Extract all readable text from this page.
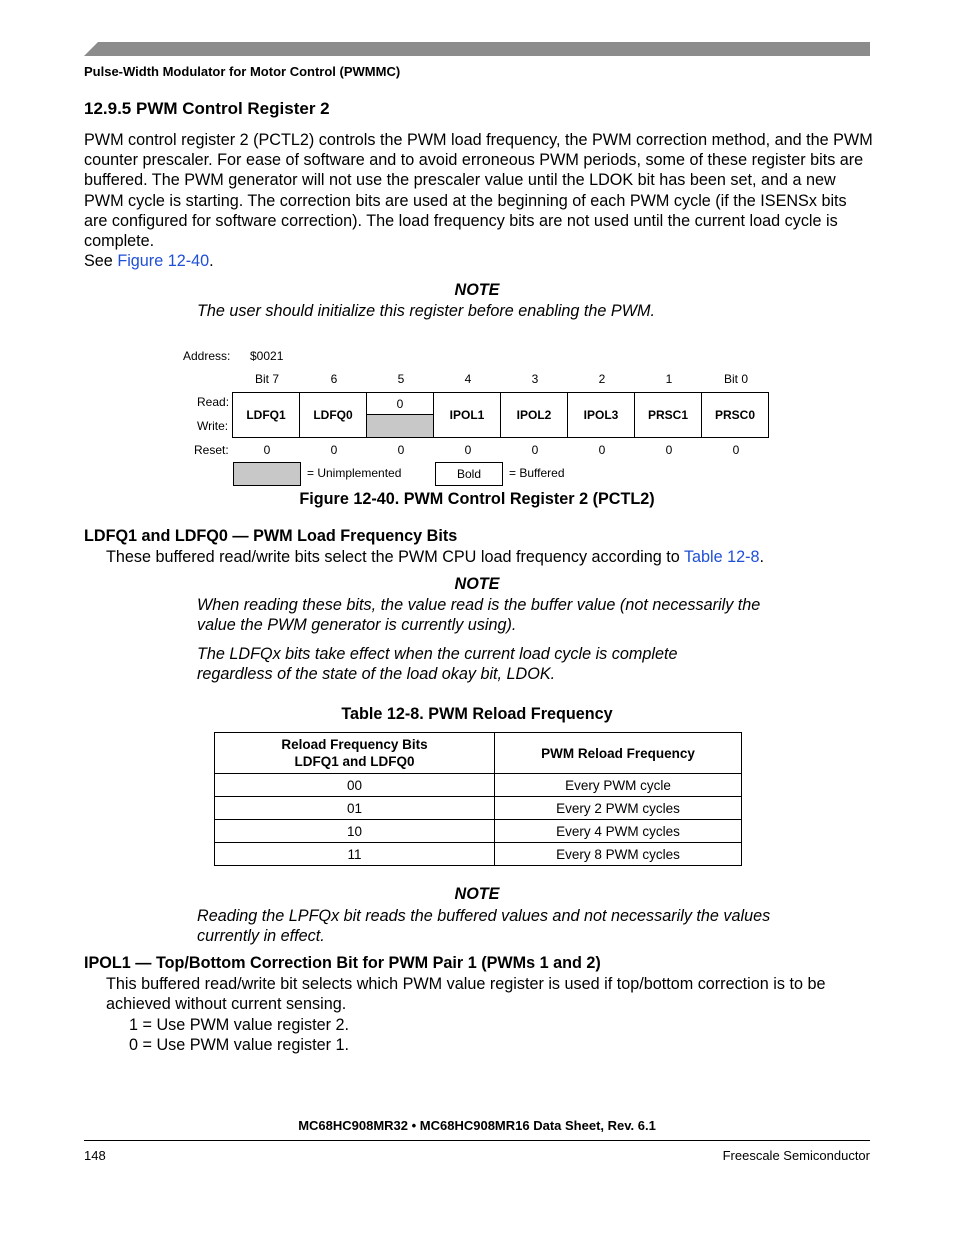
Pulse-Width Modulator for Motor Control (PWMMC)
12.9.5 PWM Control Register 2
PWM control register 2 (PCTL2) controls the PWM load frequency, the PWM correction method, and the PWM counter prescaler. For ease of software and to avoid erroneous PWM periods, some of these register bits are buffered. The PWM generator will not use the prescaler value until the LDOK bit has been set, and a new PWM cycle is starting. The correction bits are used at the beginning of each PWM cycle (if the ISENSx bits are configured for software correction). The load frequency bits are not used until the current load cycle is complete.
See Figure 12-40.
NOTE
The user should initialize this register before enabling the PWM.
Address: $0021
Bit 7	6	5	4	3	2	1	Bit 0
Read:
Write:
LDFQ1	LDFQ0	0	IPOL1	IPOL2	IPOL3	PRSC1	PRSC0

Reset:	0	0	0	0	0	0	0	0
= Unimplemented	Bold	= Buffered
Figure 12-40. PWM Control Register 2 (PCTL2)
LDFQ1 and LDFQ0 — PWM Load Frequency Bits
These buffered read/write bits select the PWM CPU load frequency according to Table 12-8.
NOTE
When reading these bits, the value read is the buffer value (not necessarily the value the PWM generator is currently using).
The LDFQx bits take effect when the current load cycle is complete regardless of the state of the load okay bit, LDOK.
Table 12-8. PWM Reload Frequency
Reload Frequency Bits
LDFQ1 and LDFQ0	PWM Reload Frequency
00	Every PWM cycle
01	Every 2 PWM cycles
10	Every 4 PWM cycles
11	Every 8 PWM cycles
NOTE
Reading the LPFQx bit reads the buffered values and not necessarily the values currently in effect.
IPOL1 — Top/Bottom Correction Bit for PWM Pair 1 (PWMs 1 and 2)
This buffered read/write bit selects which PWM value register is used if top/bottom correction is to be achieved without current sensing.
1 = Use PWM value register 2.
0 = Use PWM value register 1.
MC68HC908MR32 • MC68HC908MR16 Data Sheet, Rev. 6.1
148	Freescale Semiconductor
